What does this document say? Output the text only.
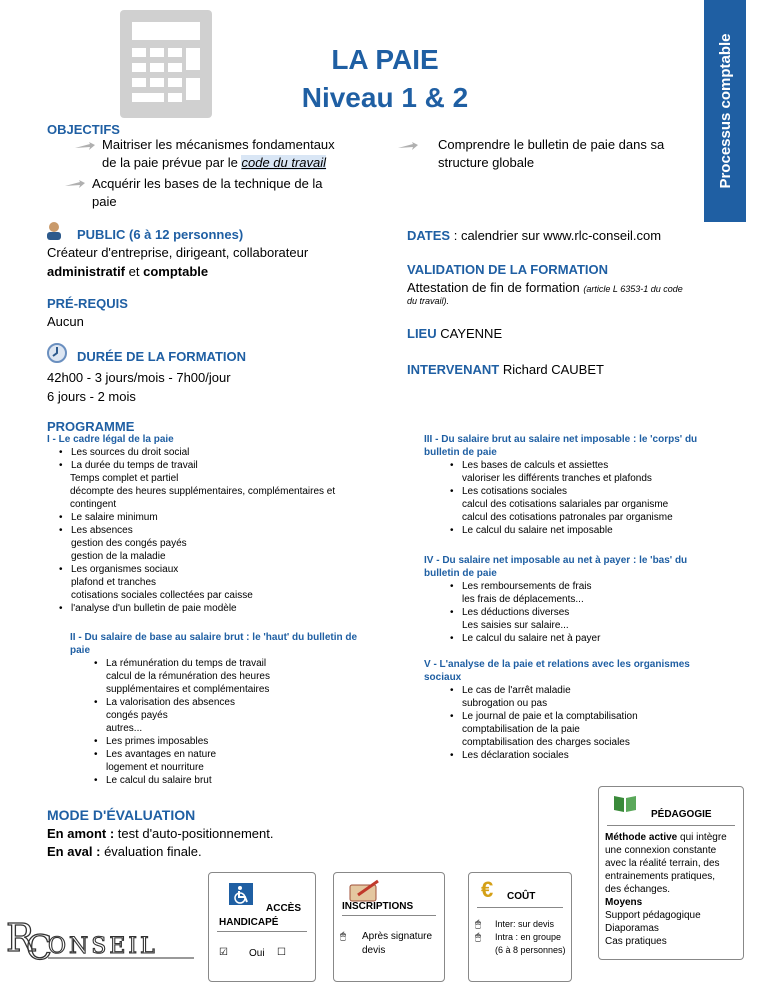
LA PAIE
Niveau 1 & 2	Processus comptable
OBJECTIFS
Maitriser les mécanismes fondamentaux
de la paie prévue par le code du travail
Acquérir les bases de la technique de la
paie
Comprendre le bulletin de paie dans sa
structure globale
PUBLIC (6 à 12 personnes)
Créateur d'entreprise, dirigeant, collaborateur
administratif et comptable
PRÉ-REQUIS
Aucun
DURÉE DE LA FORMATION
42h00 - 3 jours/mois - 7h00/jour
6 jours - 2 mois
DATES : calendrier sur www.rlc-conseil.com
VALIDATION DE LA FORMATION
Attestation de fin de formation (article L 6353-1 du code
du travail).
LIEU CAYENNE
INTERVENANT Richard CAUBET
PROGRAMME
I - Le cadre légal de la paie
• Les sources du droit social
• La durée du temps de travail
Temps complet et partiel
décompte des heures supplémentaires, complémentaires et
contingent
• Le salaire minimum
• Les absences
gestion des congés payés
gestion de la maladie
• Les organismes sociaux
plafond et tranches
cotisations sociales collectées par caisse
• l'analyse d'un bulletin de paie modèle
II - Du salaire de base au salaire brut : le 'haut' du bulletin de
paie
• La rémunération du temps de travail
calcul de la rémunération des heures
supplémentaires et complémentaires
• La valorisation des absences
congés payés
autres...
• Les primes imposables
• Les avantages en nature
logement et nourriture
• Le calcul du salaire brut
III - Du salaire brut au salaire net imposable : le 'corps' du
bulletin de paie
• Les bases de calculs et assiettes
valoriser les différents tranches et plafonds
• Les cotisations sociales
calcul des cotisations salariales par organisme
calcul des cotisations patronales par organisme
• Le calcul du salaire net imposable
IV - Du salaire net imposable au net à payer : le 'bas' du
bulletin de paie
• Les remboursements de frais
les frais de déplacements...
• Les déductions diverses
Les saisies sur salaire...
• Le calcul du salaire net à payer
V - L'analyse de la paie et relations avec les organismes
sociaux
• Le cas de l'arrêt maladie
subrogation ou pas
• Le journal de paie et la comptabilisation
comptabilisation de la paie
comptabilisation des charges sociales
• Les déclaration sociales
MODE D'ÉVALUATION
En amont : test d'auto-positionnement.
En aval : évaluation finale.
R
C
ONSEIL
ACCÈS
HANDICAPÉ
☑ Oui ☐
INSCRIPTIONS
🖱 Après signature
devis
€ COÛT
🖱 Inter: sur devis
🖱 Intra : en groupe
(6 à 8 personnes)
PÉDAGOGIE
Méthode active qui intègre
une connexion constante
avec la réalité terrain, des
entrainements pratiques,
des échanges.
Moyens
Support pédagogique
Diaporamas
Cas pratiques
